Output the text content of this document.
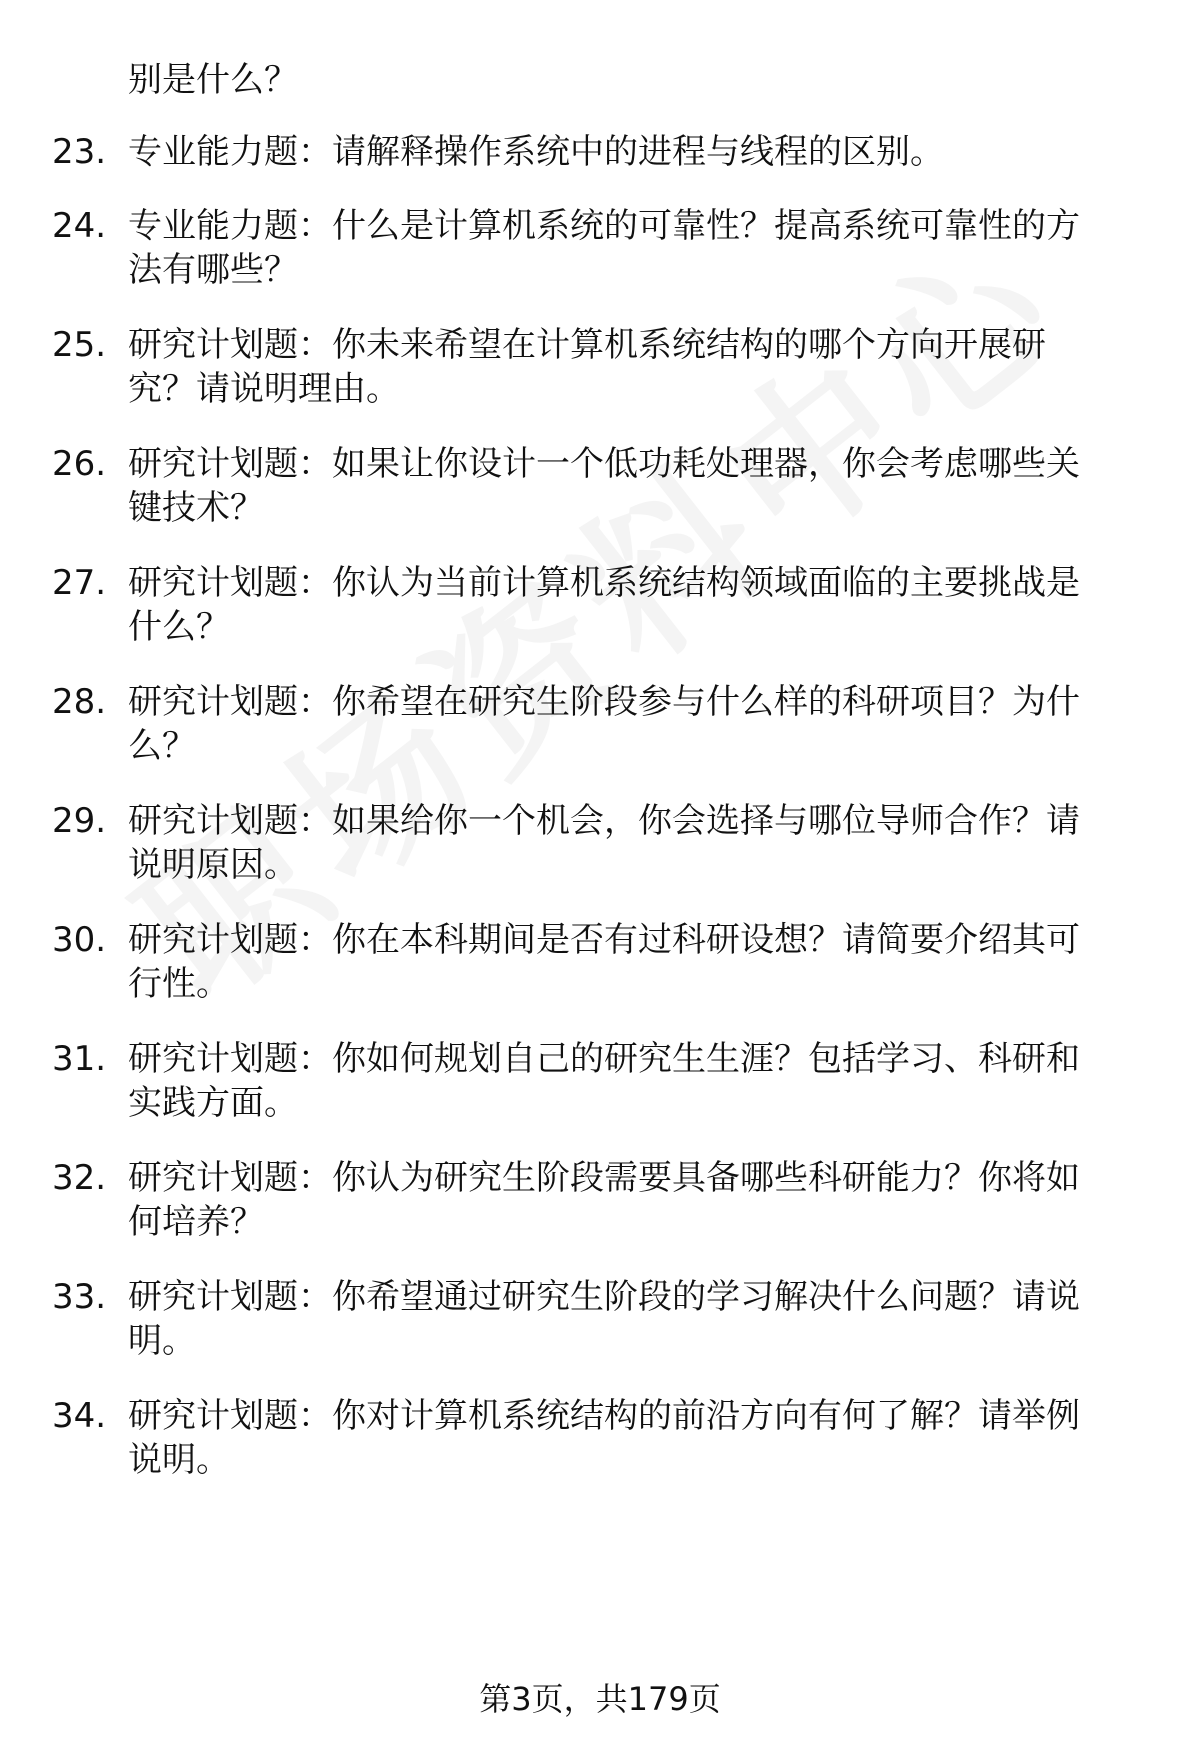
别是什么？
23. 专业能力题：请解释操作系统中的进程与线程的区别。
24. 专业能力题：什么是计算机系统的可靠性？提高系统可靠性的方
法有哪些？
25. 研究计划题：你未来希望在计算机系统结构的哪个方向开展研
究？请说明理由。
26. 研究计划题：如果让你设计一个低功耗处理器，你会考虑哪些关
键技术？
27. 研究计划题：你认为当前计算机系统结构领域面临的主要挑战是
什么？
28. 研究计划题：你希望在研究生阶段参与什么样的科研项目？为什
么？
29. 研究计划题：如果给你一个机会，你会选择与哪位导师合作？请
说明原因。
30. 研究计划题：你在本科期间是否有过科研设想？请简要介绍其可
行性。
31. 研究计划题：你如何规划自己的研究生生涯？包括学习、科研和
实践方面。
32. 研究计划题：你认为研究生阶段需要具备哪些科研能力？你将如
何培养？
33. 研究计划题：你希望通过研究生阶段的学习解决什么问题？请说
明。
34. 研究计划题：你对计算机系统结构的前沿方向有何了解？请举例
说明。
第3页，共179页
